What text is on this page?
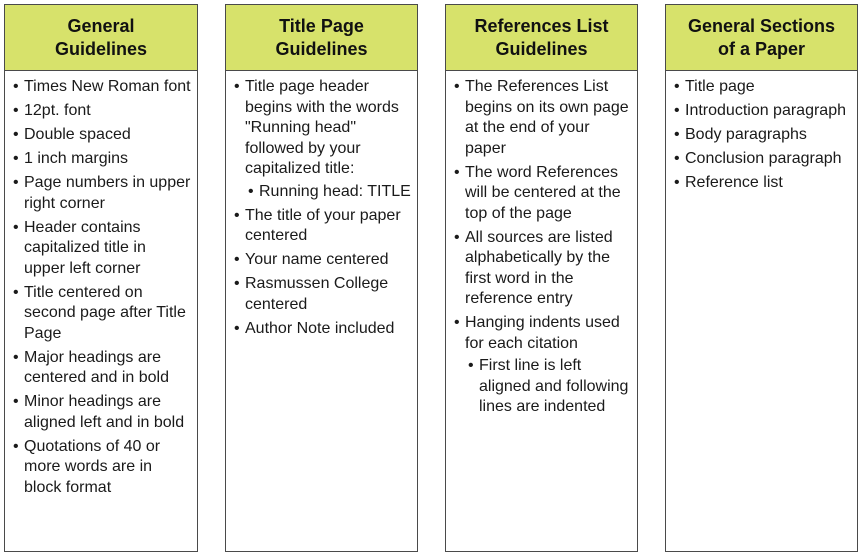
General Guidelines
• Times New Roman font
• 12pt. font
• Double spaced
• 1 inch margins
• Page numbers in upper right corner
• Header contains capitalized title in upper left corner
• Title centered on second page after Title Page
• Major headings are centered and in bold
• Minor headings are aligned left and in bold
• Quotations of 40 or more words are in block format
Title Page Guidelines
• Title page header begins with the words "Running head" followed by your capitalized title:
• Running head: TITLE
• The title of your paper centered
• Your name centered
• Rasmussen College centered
• Author Note included
References List Guidelines
• The References List begins on its own page at the end of your paper
• The word References will be centered at the top of the page
• All sources are listed alphabetically by the first word in the reference entry
• Hanging indents used for each citation
• First line is left aligned and following lines are indented
General Sections of a Paper
• Title page
• Introduction paragraph
• Body paragraphs
• Conclusion paragraph
• Reference list
